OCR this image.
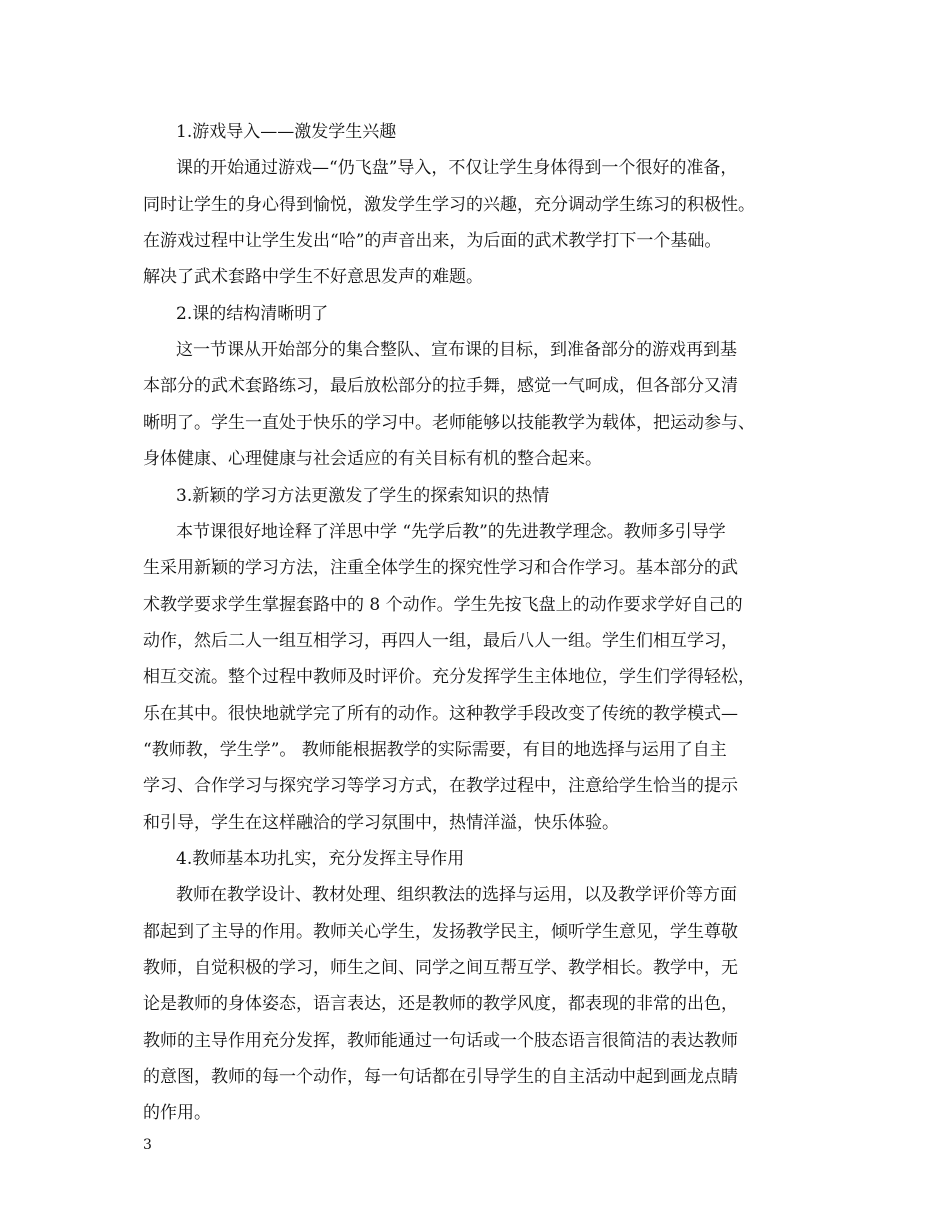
1.游戏导入——激发学生兴趣
课的开始通过游戏—“仍飞盘”导入，不仅让学生身体得到一个很好的准备，
同时让学生的身心得到愉悦，激发学生学习的兴趣，充分调动学生练习的积极性。
在游戏过程中让学生发出“哈”的声音出来，为后面的武术教学打下一个基础。
解决了武术套路中学生不好意思发声的难题。
2.课的结构清晰明了
这一节课从开始部分的集合整队、宣布课的目标，到准备部分的游戏再到基
本部分的武术套路练习，最后放松部分的拉手舞，感觉一气呵成，但各部分又清
晰明了。学生一直处于快乐的学习中。老师能够以技能教学为载体，把运动参与、
身体健康、心理健康与社会适应的有关目标有机的整合起来。
3.新颖的学习方法更激发了学生的探索知识的热情
本节课很好地诠释了洋思中学 “先学后教”的先进教学理念。教师多引导学
生采用新颖的学习方法，注重全体学生的探究性学习和合作学习。基本部分的武
术教学要求学生掌握套路中的 8 个动作。学生先按飞盘上的动作要求学好自己的
动作，然后二人一组互相学习，再四人一组，最后八人一组。学生们相互学习，
相互交流。整个过程中教师及时评价。充分发挥学生主体地位，学生们学得轻松，
乐在其中。很快地就学完了所有的动作。这种教学手段改变了传统的教学模式—
“教师教，学生学”。 教师能根据教学的实际需要，有目的地选择与运用了自主
学习、合作学习与探究学习等学习方式，在教学过程中，注意给学生恰当的提示
和引导，学生在这样融洽的学习氛围中，热情洋溢，快乐体验。
4.教师基本功扎实，充分发挥主导作用
教师在教学设计、教材处理、组织教法的选择与运用，以及教学评价等方面
都起到了主导的作用。教师关心学生，发扬教学民主，倾听学生意见，学生尊敬
教师，自觉积极的学习，师生之间、同学之间互帮互学、教学相长。教学中，无
论是教师的身体姿态，语言表达，还是教师的教学风度，都表现的非常的出色，
教师的主导作用充分发挥，教师能通过一句话或一个肢态语言很简洁的表达教师
的意图，教师的每一个动作，每一句话都在引导学生的自主活动中起到画龙点睛
的作用。
3
